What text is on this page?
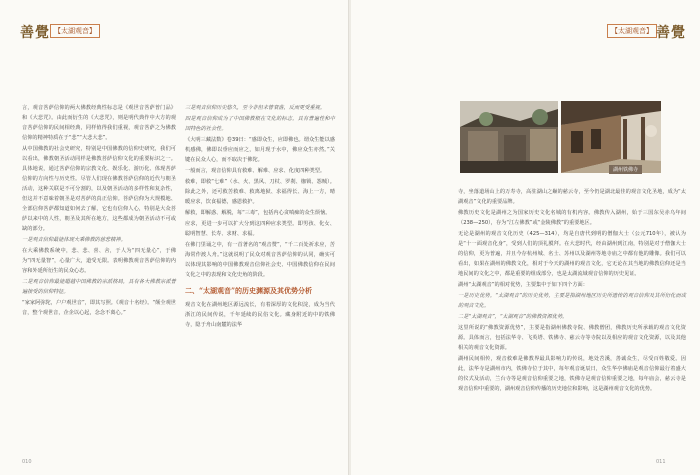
善覺 【太湖观音】

言，观音菩萨信仰的两大佛教经典性标志是《观世音菩萨普门品》和《大悲咒》。由此而衍生的《大悲咒》，则是明代典作中大方的观音菩萨信仰的民间相经典，同样值得我们重视，观音菩萨之为佛教信仰的精神特质在于“悲”“大悲大悲”。

从中国佛教的社会史研究，特别是中国佛教的信仰史研究，我们可以看出，佛教朝圣活动同样是佛教菩萨信仰文化的重要标识之一。具体地说，通过菩萨信仰的宗教文化、娱乐化、游历化、体现菩萨信仰的方向性与历史性。尽管人们现在佛教菩萨信仰的近代与朝圣活动，这种关联是不可分割的，以及朝圣活动的多样性和复杂性，但这并不意味着朝圣是对菩萨的真正信仰。菩萨信仰为大规模地、全部信仰菩萨都知道如何去了解，它也有信仰人心，特别是大众菩萨以来中的人性，朝圣及其所在地方，这些都成为朝圣活动不可或缺的部分。

一是观音信仰最能体现大乘佛教的慈悲精神。

在大乘佛教系统中，悲、悲、喜、舍，于人为“四无量心”，于佛为“四无量智”，心量广大，道受无限。表明佛教观音菩萨信仰的内容和外延所衍生的民众心态。

二是观音信仰最能超越中国佛教的宗派格局，具有各大佛教宗派普遍接受的信仰特征。

“家家阿弥陀，户户观世音”，即其写照。《观音十名经》。“颠全观世音，整个观世音，企企以心起，念念不离心。”

三是观音信仰历史悠久，至今非但未曾衰落，反而更受重视。

四是观音信仰成为了中国佛教根在文化的标志，具有普遍性和中国特色的社会性。

《大明三藏法数》卷39曰：“感即众生，应即佛也。谓众生能以感机感佛，佛即以垂应而应之，如月现于水中，佛应众生亦然。”关键在民众人心，而不取决于佛陀。

一般而言，观音信仰具有救难、解难、应求、化度四种类型。

救难，即救“七难”（水、火、黑风、刀杖、罗刹、枷锁、怨贼）。除此之外，还可救苦救难、救离地狱、求福得长、海上一方，晴暖应求，饮食福德，感恩救护。

解救，即解惑、解脱，每“三毒”，包括内心贪嗔痴的众生烦恼。

应求，更进一步可以扩大分到这四种应求类型。即男孩、化女、聪明智慧、长寿、求财、求福。

在佛门里诵之中，有一首著名的“观音赞”，“千二百处祈求应，苦海常作渡人舟。”这就说明了民众对观音菩萨信仰的认同，确实可以体现其影响的中国佛教观音信仰社会史、中国佛教信仰在民间文化之中的表现和文化史角的阶段。

二、“太湖观音”的历史渊源及其优势分析

观音文化在湖州地区源远流长，有着深厚的文化积淀，成为当代浙江的民间传说，千年延续的民俗文化。藏身附近的中的铁佛寺，隐于舟山南麓的法华

010
【太湖观音】 善覺

寺，坐落道场山上的万寿寺，高驻湖山之巅的慈云寺，至今仍是湖北最佳的观音文化圣地，成为“太湖观音”文化的重要品牌。

佛教历史文化是湖州之为国家历史文化名城的有机内容。佛教传入湖州，始于三国东吴赤乌年间（238—250），存为“江左佛教”或“金陵佛教”的重要地区。

无论是湖州的观音文化历史（425—314），均是自唐代到明的僧伽大士（公元710年），被认为是“十一面观音化身”，受到人们的顶礼膜拜。在大悲时代，经由湖州到江南，特别是对于僧伽大士的信仰，更为普遍，并且今存杭州城、名士、苏州以及湖州等地寺庙之中都有他的雕像。我们可以看出，如果在湖州的佛教文化，相对于今天的湖州的观音文化，它无论在其当地的佛教信仰还是当地民间的文化之中，都是重要的组成部分，也是太湖流域观音信仰的历史见证。

湖州“太湖观音”的相对优势，主要集中于如下四个方面：

一是历史优势。“太湖观音”的历史优势，主要是指湖州地区历史所遗传的观音信仰及其所衍化而成的观音文化。

二是“太湖观音”，“太湖观音”的佛教资源优势。

这里所说的“佛教资源优势”，主要是指湖州佛教寺院、佛教僧团，佛教历史所承载的观音文化资源。具体而言，包括法华寺、飞英塔、铁佛寺、慈云寺等寺院以及相应的观音文化资源，以及其他相关的观音文化资源。

湖州民间相传，观音救难是佛教界最具影响力的传说，地处苕溪，善诚众生，尽受百姓敬爱。因此，法华寺是湖州市内，铁佛寺位于其中，每年观音诞辰日，众生华亭佛庙是观音信仰最行着盛大的仪式及活动，兰台寺等是观音信仰重要之地，铁佛寺是观音信仰重要之地，每年庙会，慈云寺是观音信仰中重要的，湖州观音信仰传播的历史地位和影响，这是湖州观音文化的优势。

011
湖州铁佛寺
